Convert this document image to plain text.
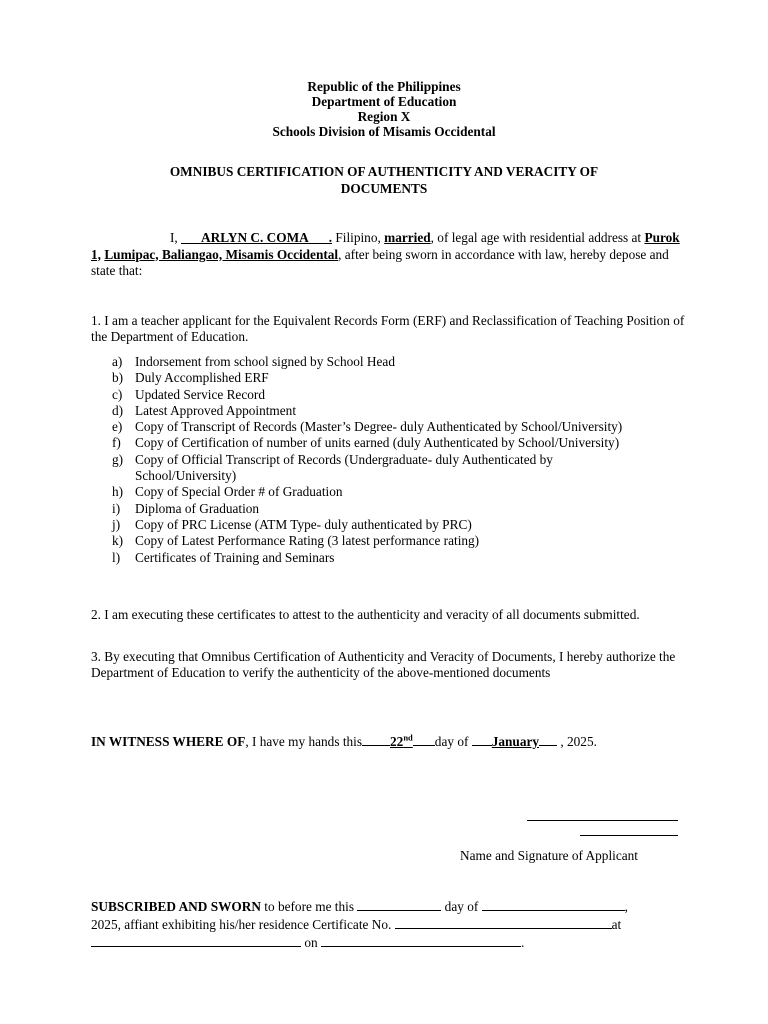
Republic of the Philippines
Department of Education
Region X
Schools Division of Misamis Occidental
OMNIBUS CERTIFICATION OF AUTHENTICITY AND VERACITY OF
DOCUMENTS
I, ___ARLYN C. COMA___. Filipino, married, of legal age with residential address at Purok 1, Lumipac, Baliangao, Misamis Occidental, after being sworn in accordance with law, hereby depose and state that:
1. I am a teacher applicant for the Equivalent Records Form (ERF) and Reclassification of Teaching Position of the Department of Education.
a) Indorsement from school signed by School Head
b) Duly Accomplished ERF
c) Updated Service Record
d) Latest Approved Appointment
e) Copy of Transcript of Records (Master’s Degree- duly Authenticated by School/University)
f) Copy of Certification of number of units earned (duly Authenticated by School/University)
g) Copy of Official Transcript of Records (Undergraduate- duly Authenticated by School/University)
h) Copy of Special Order # of Graduation
i) Diploma of Graduation
j) Copy of PRC License (ATM Type- duly authenticated by PRC)
k) Copy of Latest Performance Rating (3 latest performance rating)
l) Certificates of Training and Seminars
2. I am executing these certificates to attest to the authenticity and veracity of all documents submitted.
3. By executing that Omnibus Certification of Authenticity and Veracity of Documents, I hereby authorize the Department of Education to verify the authenticity of the above-mentioned documents
IN WITNESS WHERE OF, I have my hands this 22nd day of January , 2025.
Name and Signature of Applicant
SUBSCRIBED AND SWORN to before me this	day of	,
2025, affiant exhibiting his/her residence Certificate No.	at
on	.
